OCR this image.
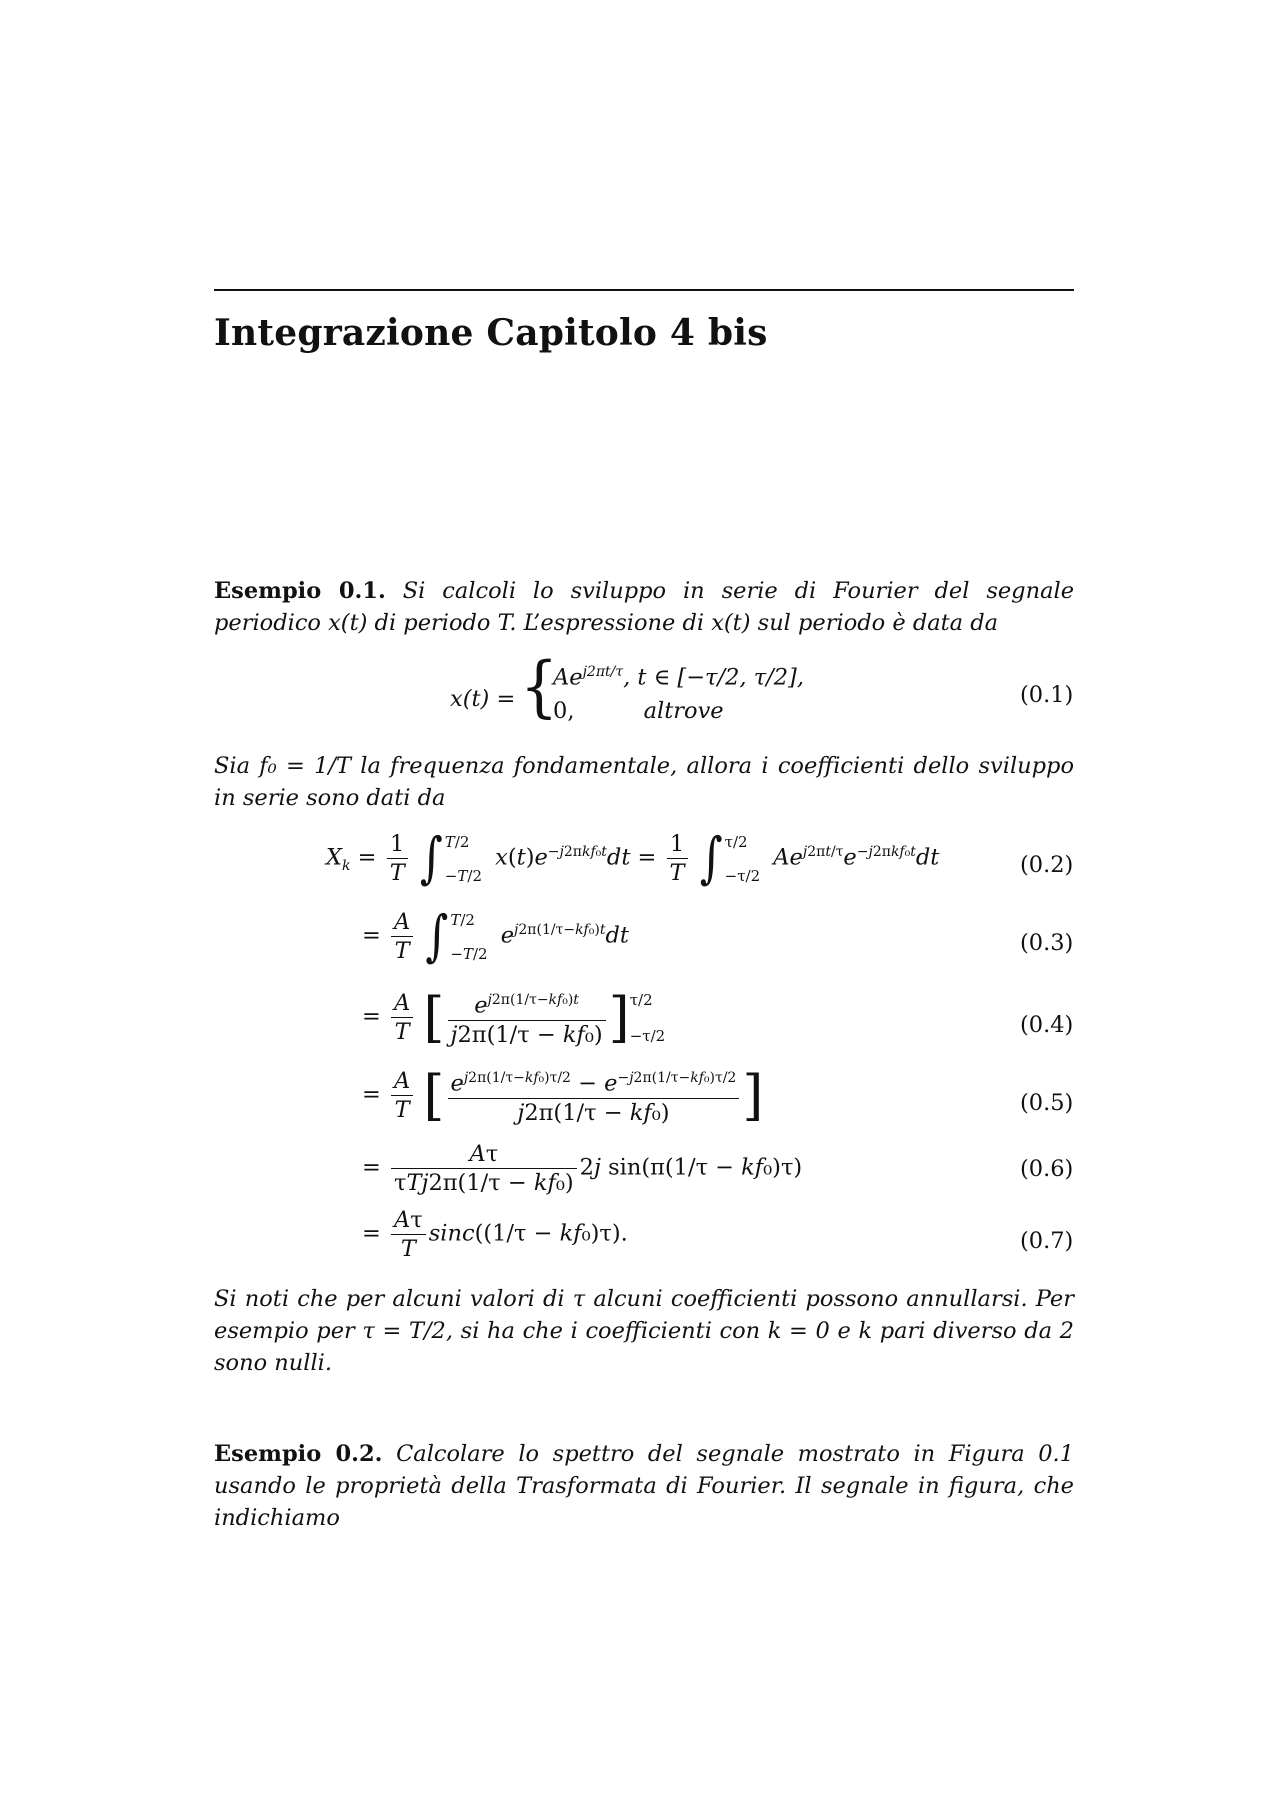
Integrazione Capitolo 4 bis
Esempio 0.1. Si calcoli lo sviluppo in serie di Fourier del segnale periodico x(t) di periodo T. L’espressione di x(t) sul periodo è data da
x(t) = {
$Ae^{j2\pi t/\tau}$, t ∈ [−τ/2, τ/2],
0,	altrove
(0.1)
Sia f₀ = 1/T la frequenza fondamentale, allora i coefficienti dello sviluppo in serie sono dati da
$X_k = \frac{1}{T}$ ∫ T/2
−T/2
$x(t)e^{-j2\pi kf_0t}dt = \frac{1}{T}$ ∫ τ/2
−τ/2
$Ae^{j2\pi t/\tau}e^{-j2\pi kf_0t}dt$	(0.2)
= $\frac{A}{T}$ ∫ T/2
−T/2
$e^{j2\pi(1/\tau-kf_0)t}dt$	(0.3)
= $\frac{A}{T}$ [ $\frac{e^{j2\pi(1/\tau-kf_0)t}}{\text{j2π(1/τ − kf₀)}}$ ] τ/2
−τ/2	(0.4)
= $\frac{A}{T}$ [ $\frac{e^{j2\pi(1/\tau-kf_0)\tau/2} - e^{-j2\pi(1/\tau-kf_0)\tau/2}}{\text{j2π(1/τ − kf₀)}}$ ]	(0.5)
= $\frac{A\tau}{\text{τTj2π(1/τ − kf₀)}} 2j$ sin(π(1/τ − kf₀)τ)	(0.6)
= $\frac{A\tau}{T} \sin c((1/\tau - kf_0)\tau)$.	(0.7)
Si noti che per alcuni valori di τ alcuni coefficienti possono annullarsi. Per esempio per τ = T/2, si ha che i coefficienti con k = 0 e k pari diverso da 2 sono nulli.
Esempio 0.2. Calcolare lo spettro del segnale mostrato in Figura 0.1 usando le proprietà della Trasformata di Fourier. Il segnale in figura, che indichiamo
